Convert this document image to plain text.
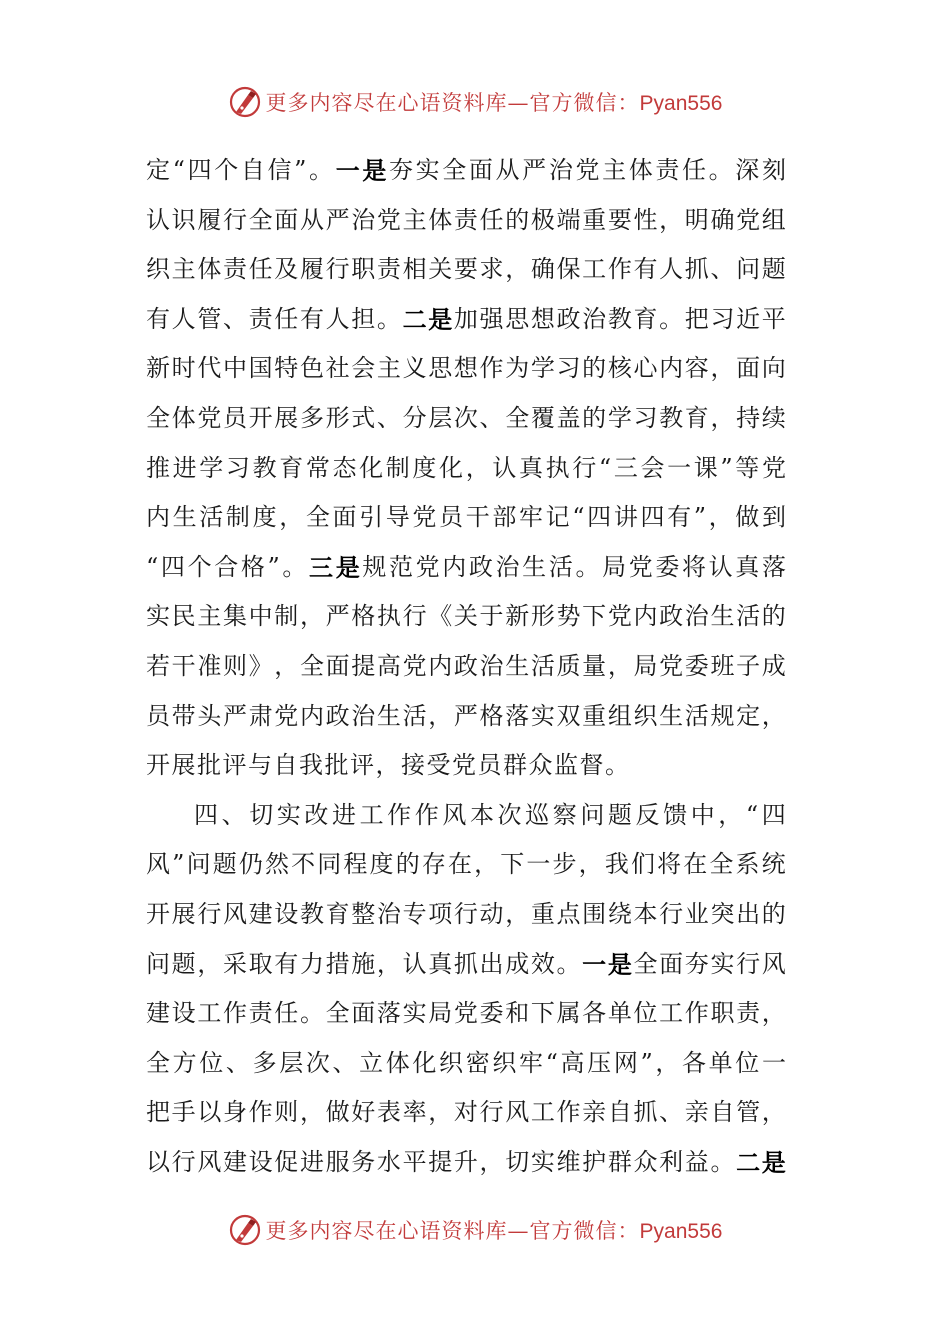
更多内容尽在心语资料库—官方微信：Pyan556
定 “ 四 个 自 信 ” 。 一 是 夯 实 全 面 从 严 治 党 主 体 责 任 。 深 刻
认 识 履 行 全 面 从 严 治 党 主 体 责 任 的 极 端 重 要 性 ， 明 确 党 组
织 主 体 责 任 及 履 行 职 责 相 关 要 求 ， 确 保 工 作 有 人 抓 、 问 题
有 人 管 、 责 任 有 人 担 。 二 是 加 强 思 想 政 治 教 育 。 把 习 近 平
新 时 代 中 国 特 色 社 会 主 义 思 想 作 为 学 习 的 核 心 内 容 ， 面 向
全 体 党 员 开 展 多 形 式 、 分 层 次 、 全 覆 盖 的 学 习 教 育 ， 持 续
推 进 学 习 教 育 常 态 化 制 度 化 ， 认 真 执 行 “ 三 会 一 课 ” 等 党
内 生 活 制 度 ， 全 面 引 导 党 员 干 部 牢 记 “ 四 讲 四 有 ” ， 做 到
“ 四 个 合 格 ” 。 三 是 规 范 党 内 政 治 生 活 。 局 党 委 将 认 真 落
实 民 主 集 中 制 ， 严 格 执 行 《 关 于 新 形 势 下 党 内 政 治 生 活 的
若 干 准 则 》 ， 全 面 提 高 党 内 政 治 生 活 质 量 ， 局 党 委 班 子 成
员 带 头 严 肃 党 内 政 治 生 活 ， 严 格 落 实 双 重 组 织 生 活 规 定 ，
开 展 批 评 与 自 我 批 评 ， 接 受 党 员 群 众 监 督 。
四 、 切 实 改 进 工 作 作 风 本 次 巡 察 问 题 反 馈 中 ， “ 四
风 ” 问 题 仍 然 不 同 程 度 的 存 在 ， 下 一 步 ， 我 们 将 在 全 系 统
开 展 行 风 建 设 教 育 整 治 专 项 行 动 ， 重 点 围 绕 本 行 业 突 出 的
问 题 ， 采 取 有 力 措 施 ， 认 真 抓 出 成 效 。 一 是 全 面 夯 实 行 风
建 设 工 作 责 任 。 全 面 落 实 局 党 委 和 下 属 各 单 位 工 作 职 责 ，
全 方 位 、 多 层 次 、 立 体 化 织 密 织 牢 “ 高 压 网 ” ， 各 单 位 一
把 手 以 身 作 则 ， 做 好 表 率 ， 对 行 风 工 作 亲 自 抓 、 亲 自 管 ，
以 行 风 建 设 促 进 服 务 水 平 提 升 ， 切 实 维 护 群 众 利 益 。 二 是
更多内容尽在心语资料库—官方微信：Pyan556
